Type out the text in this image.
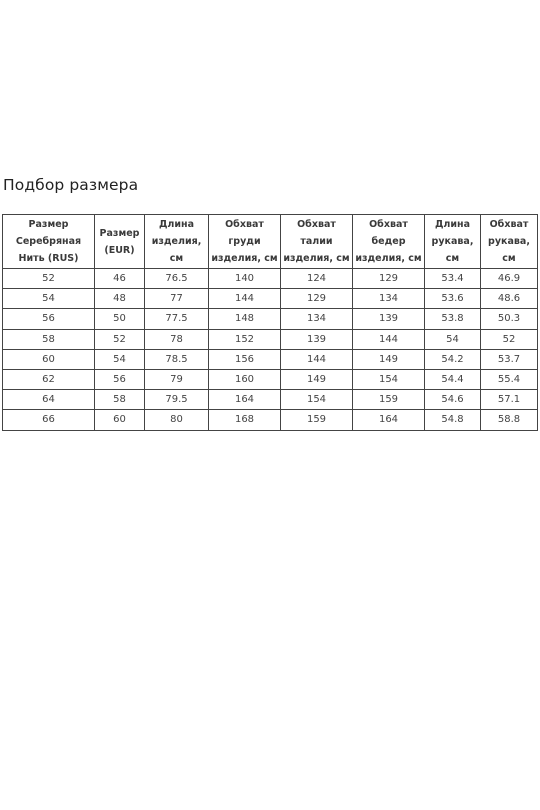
Подбор размера
Размер
Серебряная
Нить (RUS)	Размер
(EUR)	Длина
изделия,
см	Обхват
груди
изделия, см	Обхват
талии
изделия, см	Обхват
бедер
изделия, см	Длина
рукава,
см	Обхват
рукава,
см

52	46	76.5	140	124	129	53.4	46.9
54	48	77	144	129	134	53.6	48.6
56	50	77.5	148	134	139	53.8	50.3
58	52	78	152	139	144	54	52
60	54	78.5	156	144	149	54.2	53.7
62	56	79	160	149	154	54.4	55.4
64	58	79.5	164	154	159	54.6	57.1
66	60	80	168	159	164	54.8	58.8
